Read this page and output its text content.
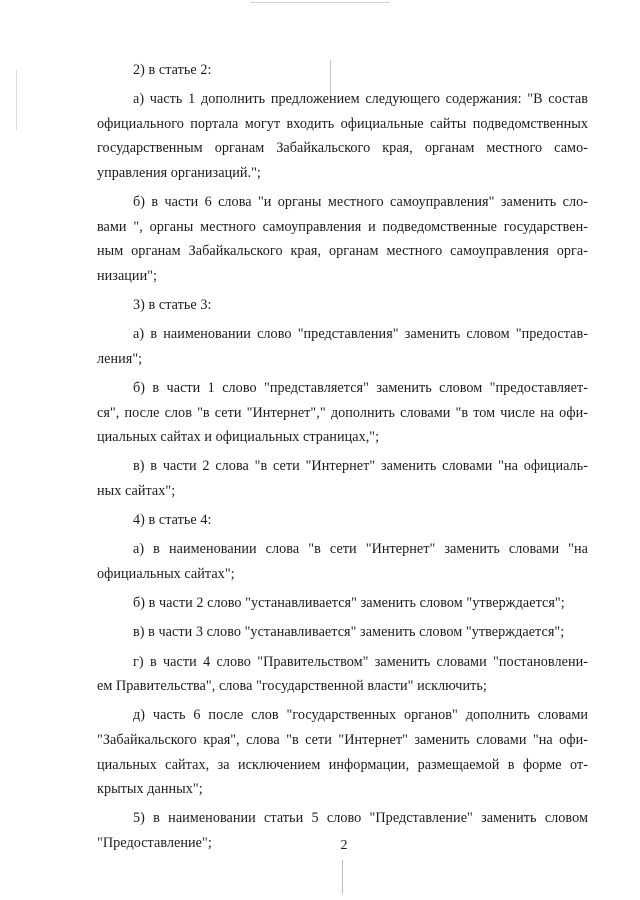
2) в статье 2:
а) часть 1 дополнить предложением следующего содержания: "В состав
официального портала могут входить официальные сайты подведомственных
государственным органам Забайкальского края, органам местного само-
управления организаций.";
б) в части 6 слова "и органы местного самоуправления" заменить сло-
вами ", органы местного самоуправления и подведомственные государствен-
ным органам Забайкальского края, органам местного самоуправления орга-
низации";
3) в статье 3:
а) в наименовании слово "представления" заменить словом "предостав-
ления";
б) в части 1 слово "представляется" заменить словом "предоставляет-
ся", после слов "в сети "Интернет"," дополнить словами "в том числе на офи-
циальных сайтах и официальных страницах,";
в) в части 2 слова "в сети "Интернет" заменить словами "на официаль-
ных сайтах";
4) в статье 4:
а) в наименовании слова "в сети "Интернет" заменить словами "на
официальных сайтах";
б) в части 2 слово "устанавливается" заменить словом "утверждается";
в) в части 3 слово "устанавливается" заменить словом "утверждается";
г) в части 4 слово "Правительством" заменить словами "постановлени-
ем Правительства", слова "государственной власти" исключить;
д) часть 6 после слов "государственных органов" дополнить словами
"Забайкальского края", слова "в сети "Интернет" заменить словами "на офи-
циальных сайтах, за исключением информации, размещаемой в форме от-
крытых данных";
5) в наименовании статьи 5 слово "Представление" заменить словом
"Предоставление";	2
